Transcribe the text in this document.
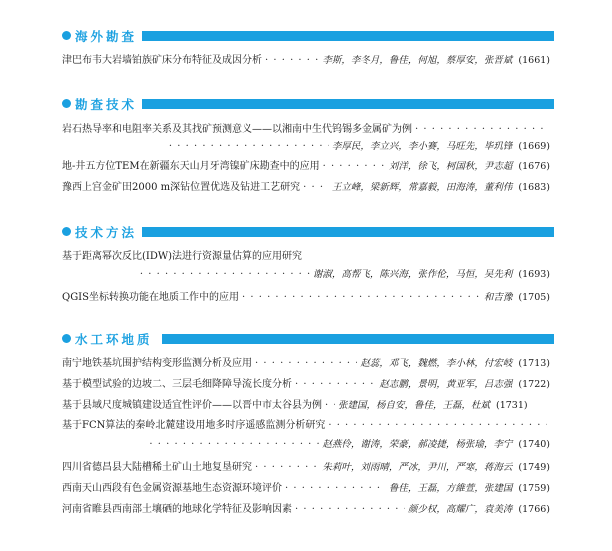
海外勘查
津巴布韦大岩墙铂族矿床分布特征及成因分析 · · ·	李斯，李冬月，鲁佳，何旭，蔡厚安，张晋斌 (1661)
勘查技术
岩石热导率和电阻率关系及其找矿预测意义——以湘南中生代钨锡多金属矿为例
· · ·
· · ·
李厚民，李立兴，李小赛，马旺先，毕玑锋 (1669)
地-井五方位TEM在新疆东天山月牙湾镍矿床勘查中的应用 · · ·	刘洋，徐飞，柯国秋，尹志超 (1676)
豫西上宫金矿田2000 m深钻位置优选及钻进工艺研究 · · ·	王立峰，梁新辉，常嘉毅，田海涛，董利伟 (1683)
技术方法
基于距离幂次反比(IDW)法进行资源量估算的应用研究
· · ·
谢淑，高帮飞，陈兴海，张作伦，马恒，吴先利 (1693)
QGIS坐标转换功能在地质工作中的应用 · · ·	和吉豫 (1705)
水工环地质
南宁地铁基坑围护结构变形监测分析及应用 · · ·	赵蕊，邓飞，魏燃，李小林，付宏岐 (1713)
基于模型试验的边坡二、三层毛细降障导流长度分析 · · ·	赵志鹏，景明，黄亚军，吕志强 (1722)
基于县域尺度城镇建设适宜性评价——以晋中市太谷县为例 · · · 张建国，杨自安，鲁佳，王磊，杜斌 (1731)
基于FCN算法的秦岭北麓建设用地多时序遥感监测分析研究
· · ·
· · ·
赵燕伶，谢涛，荣豪，郝凌捷，杨张瑜，李宁 (1740)
四川省德昌县大陆槽稀土矿山土地复垦研究 · · ·	朱莉叶，刘雨晴，严冰，尹川，严寒，蒋海云 (1749)
西南天山西段有色金属资源基地生态资源环境评价 · · ·	鲁佳，王磊，方維萱，张建国 (1759)
河南省睢县西南部土壤硒的地球化学特征及影响因素 · · ·	颜少权，高耀广，袁美涛 (1766)
